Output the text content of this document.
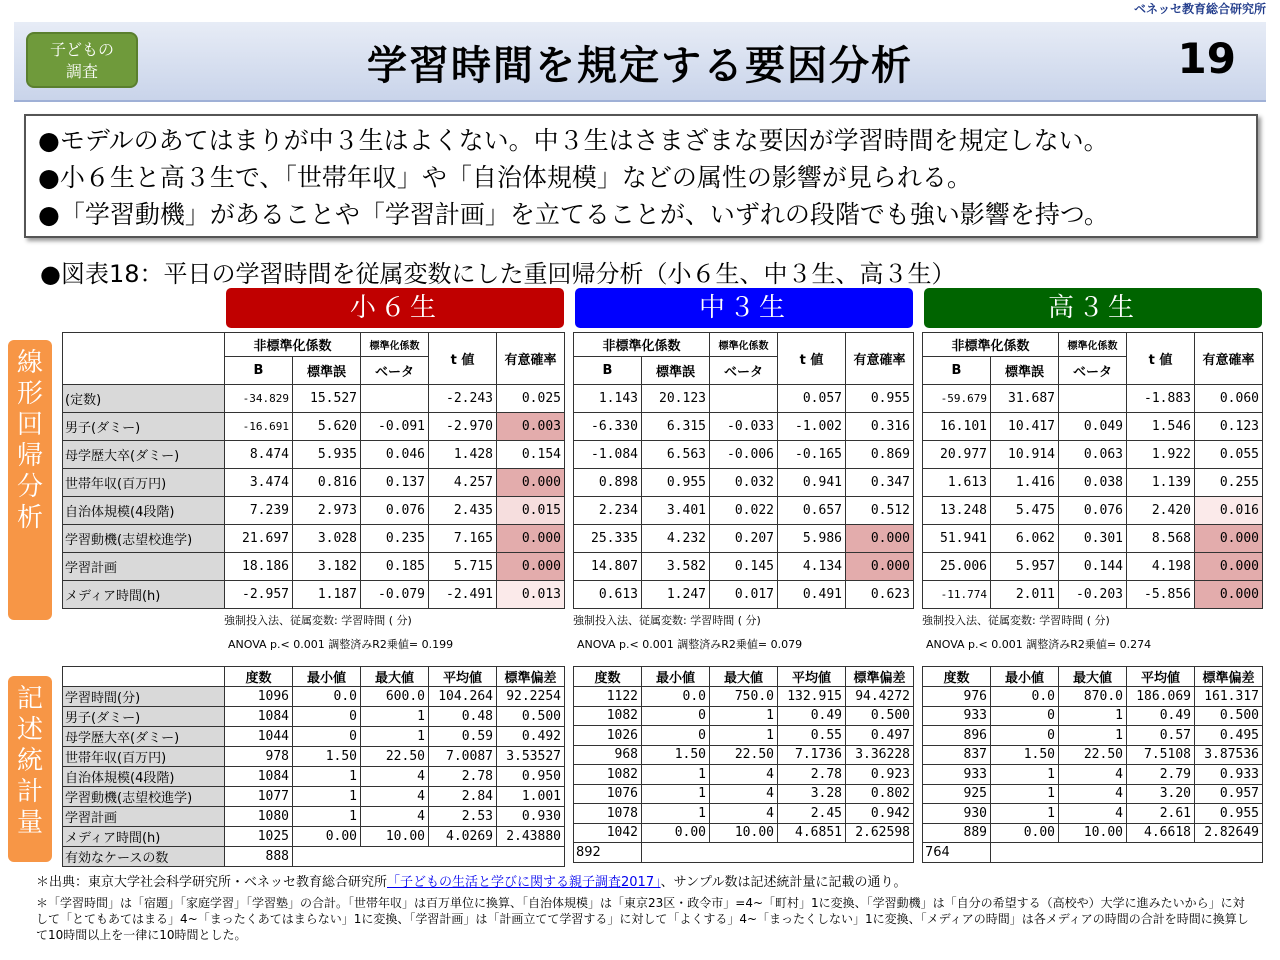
ベネッセ教育総合研究所
子どもの
調査	学習時間を規定する要因分析	19
●モデルのあてはまりが中３生はよくない。中３生はさまざまな要因が学習時間を規定しない。
●小６生と高３生で、「世帯年収」や「自治体規模」などの属性の影響が見られる。
●「学習動機」があることや「学習計画」を立てることが、いずれの段階でも強い影響を持つ。
●図表18：平日の学習時間を従属変数にした重回帰分析（小６生、中３生、高３生）
小６生	中３生	高３生
線形回帰分析
記述統計量
	非標準化係数		標準化係数	t 値	有意確率
	B	標準誤	ベータ		
(定数)	-34.829	15.527		-2.243	0.025
男子(ダミー)	-16.691	5.620	-0.091	-2.970	0.003
母学歴大卒(ダミー)	8.474	5.935	0.046	1.428	0.154
世帯年収(百万円)	3.474	0.816	0.137	4.257	0.000
自治体規模(4段階)	7.239	2.973	0.076	2.435	0.015
学習動機(志望校進学)	21.697	3.028	0.235	7.165	0.000
学習計画	18.186	3.182	0.185	5.715	0.000
メディア時間(h)	-2.957	1.187	-0.079	-2.491	0.013
強制投入法、従属変数: 学習時間 ( 分)
ANOVA p.< 0.001 調整済みR2乗値= 0.199
非標準化係数		標準化係数	t 値	有意確率
B	標準誤	ベータ		
1.143	20.123		0.057	0.955
-6.330	6.315	-0.033	-1.002	0.316
-1.084	6.563	-0.006	-0.165	0.869
0.898	0.955	0.032	0.941	0.347
2.234	3.401	0.022	0.657	0.512
25.335	4.232	0.207	5.986	0.000
14.807	3.582	0.145	4.134	0.000
0.613	1.247	0.017	0.491	0.623
強制投入法、従属変数: 学習時間 ( 分)
ANOVA p.< 0.001 調整済みR2乗値= 0.079
非標準化係数		標準化係数	t 値	有意確率
B	標準誤	ベータ		
-59.679	31.687		-1.883	0.060
16.101	10.417	0.049	1.546	0.123
20.977	10.914	0.063	1.922	0.055
1.613	1.416	0.038	1.139	0.255
13.248	5.475	0.076	2.420	0.016
51.941	6.062	0.301	8.568	0.000
25.006	5.957	0.144	4.198	0.000
-11.774	2.011	-0.203	-5.856	0.000
強制投入法、従属変数: 学習時間 ( 分)
ANOVA p.< 0.001 調整済みR2乗値= 0.274
	度数	最小値	最大値	平均値	標準偏差
学習時間(分)	1096	0.0	600.0	104.264	92.2254
男子(ダミー)	1084	0	1	0.48	0.500
母学歴大卒(ダミー)	1044	0	1	0.59	0.492
世帯年収(百万円)	978	1.50	22.50	7.0087	3.53527
自治体規模(4段階)	1084	1	4	2.78	0.950
学習動機(志望校進学)	1077	1	4	2.84	1.001
学習計画	1080	1	4	2.53	0.930
メディア時間(h)	1025	0.00	10.00	4.0269	2.43880
有効なケースの数	888				
度数	最小値	最大値	平均値	標準偏差
1122	0.0	750.0	132.915	94.4272
1082	0	1	0.49	0.500
1026	0	1	0.55	0.497
968	1.50	22.50	7.1736	3.36228
1082	1	4	2.78	0.923
1076	1	4	3.28	0.802
1078	1	4	2.45	0.942
1042	0.00	10.00	4.6851	2.62598
892				
度数	最小値	最大値	平均値	標準偏差
976	0.0	870.0	186.069	161.317
933	0	1	0.49	0.500
896	0	1	0.57	0.495
837	1.50	22.50	7.5108	3.87536
933	1	4	2.79	0.933
925	1	4	3.20	0.957
930	1	4	2.61	0.955
889	0.00	10.00	4.6618	2.82649
764				
＊出典：東京大学社会科学研究所・ベネッセ教育総合研究所「子どもの生活と学びに関する親子調査2017」、サンプル数は記述統計量に記載の通り。
＊「学習時間」は「宿題」「家庭学習」「学習塾」の合計。「世帯年収」は百万単位に換算、「自治体規模」は「東京23区・政令市」=4~「町村」1に変換、「学習動機」は「自分の希望する（高校や）大学に進みたいから」に対して「とてもあてはまる」4~「まったくあてはまらない」1に変換、「学習計画」は「計画立てて学習する」に対して「よくする」4~「まったくしない」1に変換、「メディアの時間」は各メディアの時間の合計を時間に換算して10時間以上を一律に10時間とした。
